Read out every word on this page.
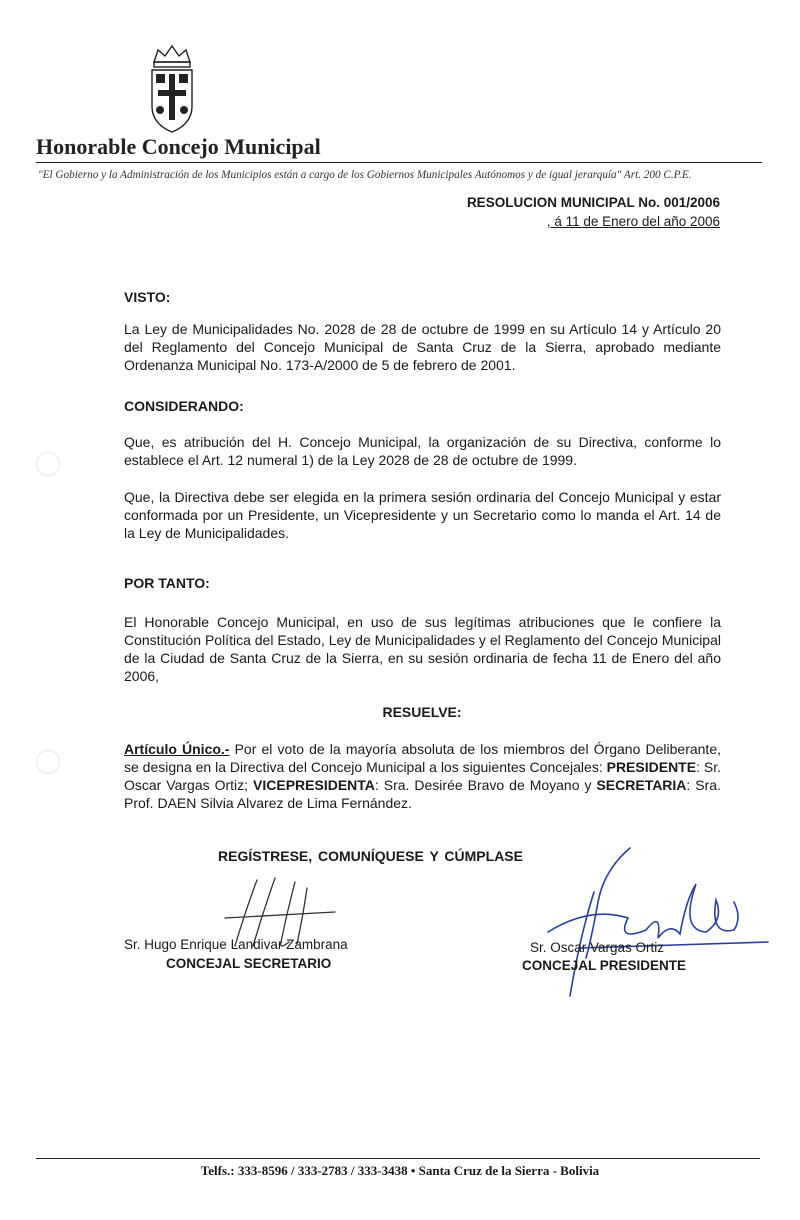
Honorable Concejo Municipal
"El Gobierno y la Administración de los Municipios están a cargo de los Gobiernos Municipales Autónomos y de igual jerarquía" Art. 200 C.P.E.
RESOLUCION MUNICIPAL No. 001/2006
, á 11 de Enero del año 2006
VISTO:
La Ley de Municipalidades No. 2028 de 28 de octubre de 1999 en su Artículo 14 y Artículo 20 del Reglamento del Concejo Municipal de Santa Cruz de la Sierra, aprobado mediante Ordenanza Municipal No. 173-A/2000 de 5 de febrero de 2001.
CONSIDERANDO:
Que, es atribución del H. Concejo Municipal, la organización de su Directiva, conforme lo establece el Art. 12 numeral 1) de la Ley 2028 de 28 de octubre de 1999.
Que, la Directiva debe ser elegida en la primera sesión ordinaria del Concejo Municipal y estar conformada por un Presidente, un Vicepresidente y un Secretario como lo manda el Art. 14 de la Ley de Municipalidades.
POR TANTO:
El Honorable Concejo Municipal, en uso de sus legítimas atribuciones que le confiere la Constitución Política del Estado, Ley de Municipalidades y el Reglamento del Concejo Municipal de la Ciudad de Santa Cruz de la Sierra, en su sesión ordinaria de fecha 11 de Enero del año 2006,
RESUELVE:
Artículo Único.- Por el voto de la mayoría absoluta de los miembros del Órgano Deliberante, se designa en la Directiva del Concejo Municipal a los siguientes Concejales: PRESIDENTE: Sr. Oscar Vargas Ortiz; VICEPRESIDENTA: Sra. Desirée Bravo de Moyano y SECRETARIA: Sra. Prof. DAEN Silvia Alvarez de Lima Fernández.
REGÍSTRESE, COMUNÍQUESE Y CÚMPLASE
Sr. Hugo Enrique Landivar Zambrana
CONCEJAL SECRETARIO
Sr. Oscar Vargas Ortiz
CONCEJAL PRESIDENTE
Telfs.: 333-8596 / 333-2783 / 333-3438 • Santa Cruz de la Sierra - Bolivia
